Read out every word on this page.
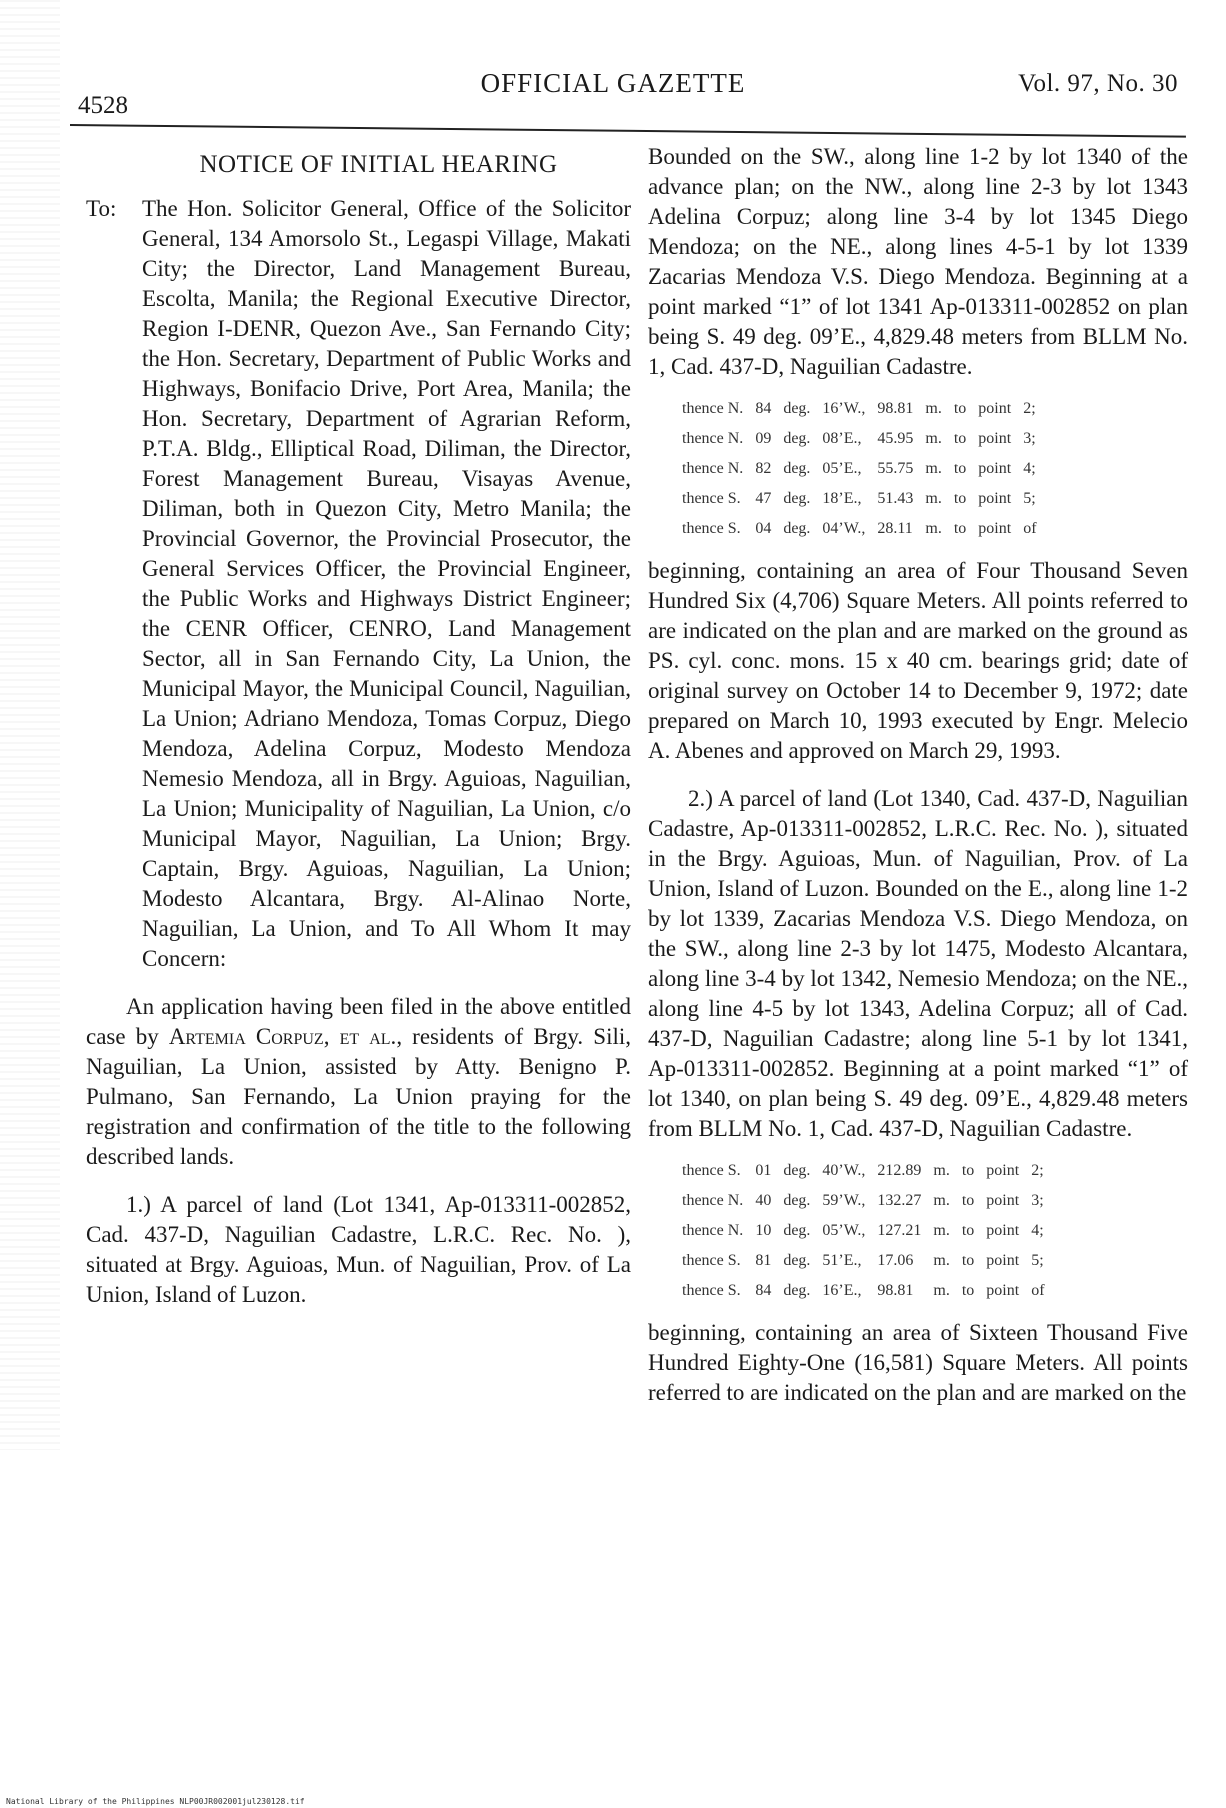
4528
OFFICIAL GAZETTE	Vol. 97, No. 30
NOTICE OF INITIAL HEARING
To:	The Hon. Solicitor General, Office of the Solicitor General, 134 Amorsolo St., Legaspi Village, Makati City; the Director, Land Management Bureau, Escolta, Manila; the Regional Executive Director, Region I-DENR, Quezon Ave., San Fernando City; the Hon. Secretary, Department of Public Works and Highways, Bonifacio Drive, Port Area, Manila; the Hon. Secretary, Department of Agrarian Reform, P.T.A. Bldg., Elliptical Road, Diliman, the Director, Forest Management Bureau, Visayas Avenue, Diliman, both in Quezon City, Metro Manila; the Provincial Governor, the Provincial Prosecutor, the General Services Officer, the Provincial Engineer, the Public Works and Highways District Engineer; the CENR Officer, CENRO, Land Management Sector, all in San Fernando City, La Union, the Municipal Mayor, the Municipal Council, Naguilian, La Union; Adriano Mendoza, Tomas Corpuz, Diego Mendoza, Adelina Corpuz, Modesto Mendoza Nemesio Mendoza, all in Brgy. Aguioas, Naguilian, La Union; Municipality of Naguilian, La Union, c/o Municipal Mayor, Naguilian, La Union; Brgy. Captain, Brgy. Aguioas, Naguilian, La Union; Modesto Alcantara, Brgy. Al-Alinao Norte, Naguilian, La Union, and To All Whom It may Concern:

An application having been filed in the above entitled case by Artemia Corpuz, et al., residents of Brgy. Sili, Naguilian, La Union, assisted by Atty. Benigno P. Pulmano, San Fernando, La Union praying for the registration and confirmation of the title to the following described lands.

1.) A parcel of land (Lot 1341, Ap-013311-002852, Cad. 437-D, Naguilian Cadastre, L.R.C. Rec. No. ), situated at Brgy. Aguioas, Mun. of Naguilian, Prov. of La Union, Island of Luzon.

Bounded on the SW., along line 1-2 by lot 1340 of the advance plan; on the NW., along line 2-3 by lot 1343 Adelina Corpuz; along line 3-4 by lot 1345 Diego Mendoza; on the NE., along lines 4-5-1 by lot 1339 Zacarias Mendoza V.S. Diego Mendoza. Beginning at a point marked “1” of lot 1341 Ap-013311-002852 on plan being S. 49 deg. 09’E., 4,829.48 meters from BLLM No. 1, Cad. 437-D, Naguilian Cadastre.

thence N.	84	deg.	16’W.,	98.81	m.	to	point	2;
thence N.	09	deg.	08’E.,	45.95	m.	to	point	3;
thence N.	82	deg.	05’E.,	55.75	m.	to	point	4;
thence S.	47	deg.	18’E.,	51.43	m.	to	point	5;
thence S.	04	deg.	04’W.,	28.11	m.	to	point	of

beginning, containing an area of Four Thousand Seven Hundred Six (4,706) Square Meters. All points referred to are indicated on the plan and are marked on the ground as PS. cyl. conc. mons. 15 x 40 cm. bearings grid; date of original survey on October 14 to December 9, 1972; date prepared on March 10, 1993 executed by Engr. Melecio A. Abenes and approved on March 29, 1993.

2.) A parcel of land (Lot 1340, Cad. 437-D, Naguilian Cadastre, Ap-013311-002852, L.R.C. Rec. No. ), situated in the Brgy. Aguioas, Mun. of Naguilian, Prov. of La Union, Island of Luzon. Bounded on the E., along line 1-2 by lot 1339, Zacarias Mendoza V.S. Diego Mendoza, on the SW., along line 2-3 by lot 1475, Modesto Alcantara, along line 3-4 by lot 1342, Nemesio Mendoza; on the NE., along line 4-5 by lot 1343, Adelina Corpuz; all of Cad. 437-D, Naguilian Cadastre; along line 5-1 by lot 1341, Ap-013311-002852. Beginning at a point marked “1” of lot 1340, on plan being S. 49 deg. 09’E., 4,829.48 meters from BLLM No. 1, Cad. 437-D, Naguilian Cadastre.

thence S.	01	deg.	40’W.,	212.89	m.	to	point	2;
thence N.	40	deg.	59’W.,	132.27	m.	to	point	3;
thence N.	10	deg.	05’W.,	127.21	m.	to	point	4;
thence S.	81	deg.	51’E.,	17.06	m.	to	point	5;
thence S.	84	deg.	16’E.,	98.81	m.	to	point	of

beginning, containing an area of Sixteen Thousand Five Hundred Eighty-One (16,581) Square Meters. All points referred to are indicated on the plan and are marked on the

National Library of the Philippines NLP00JR002001jul230128.tif
